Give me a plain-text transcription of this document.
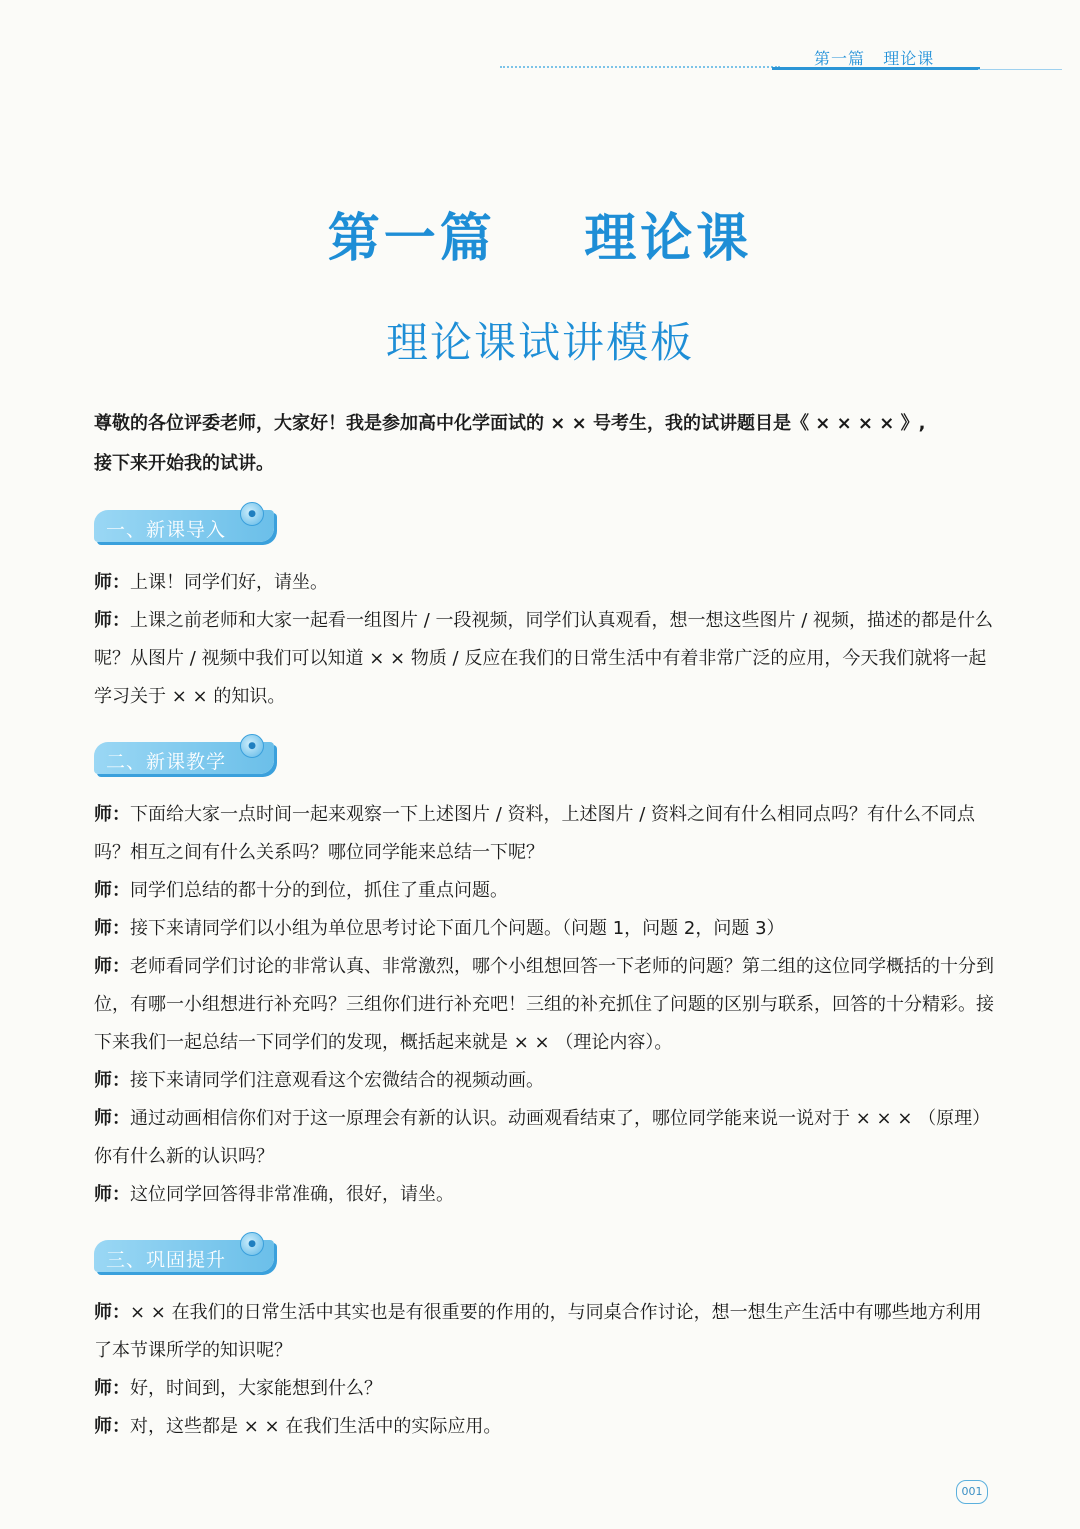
第一篇   理论课
第一篇    理论课
理论课试讲模板
尊敬的各位评委老师，大家好！我是参加高中化学面试的 × × 号考生，我的试讲题目是《 × × × × 》,
接下来开始我的试讲。
一、新课导入
●

师：上课！同学们好，请坐。

师：上课之前老师和大家一起看一组图片 / 一段视频，同学们认真观看，想一想这些图片 / 视频，描述的都是什么呢？从图片 / 视频中我们可以知道 × × 物质 / 反应在我们的日常生活中有着非常广泛的应用，今天我们就将一起学习关于 × × 的知识。

二、新课教学
●

师：下面给大家一点时间一起来观察一下上述图片 / 资料，上述图片 / 资料之间有什么相同点吗？有什么不同点吗？相互之间有什么关系吗？哪位同学能来总结一下呢？

师：同学们总结的都十分的到位，抓住了重点问题。

师：接下来请同学们以小组为单位思考讨论下面几个问题。（问题 1，问题 2，问题 3）

师：老师看同学们讨论的非常认真、非常激烈，哪个小组想回答一下老师的问题？第二组的这位同学概括的十分到位，有哪一小组想进行补充吗？三组你们进行补充吧！三组的补充抓住了问题的区别与联系，回答的十分精彩。接下来我们一起总结一下同学们的发现，概括起来就是 × × （理论内容）。

师：接下来请同学们注意观看这个宏微结合的视频动画。

师：通过动画相信你们对于这一原理会有新的认识。动画观看结束了，哪位同学能来说一说对于 × × × （原理）你有什么新的认识吗？

师：这位同学回答得非常准确，很好，请坐。

三、巩固提升
●

师：× × 在我们的日常生活中其实也是有很重要的作用的，与同桌合作讨论，想一想生产生活中有哪些地方利用了本节课所学的知识呢？

师：好，时间到，大家能想到什么？

师：对，这些都是 × × 在我们生活中的实际应用。

001
